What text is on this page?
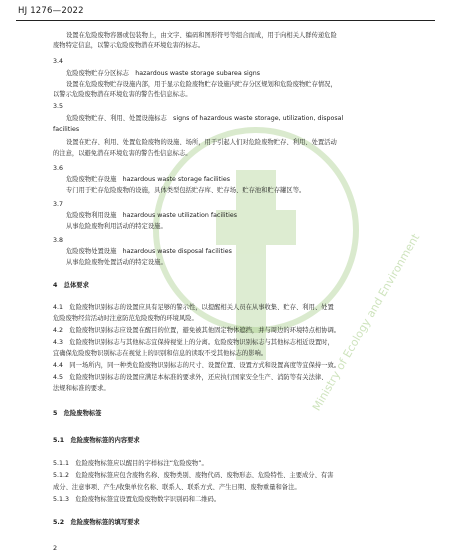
HJ 1276—2022
Ministry of Ecology and Environment
设置在危险废物容器或包装物上，由文字、编码和图形符号等组合而成，用于向相关人群传递危险
废物特定信息，以警示危险废物潜在环境危害的标志。
3.4
危险废物贮存分区标志　hazardous waste storage subarea signs
设置在危险废物贮存设施内部，用于显示危险废物贮存设施内贮存分区规划和危险废物贮存情况，
以警示危险废物潜在环境危害的警告性信息标志。
3.5
危险废物贮存、利用、处置设施标志　signs of hazardous waste storage, utilization, disposal
facilities
设置在贮存、利用、处置危险废物的设施、场所，用于引起人们对危险废物贮存、利用、处置活动
的注意，以避免潜在环境危害的警告性信息标志。
3.6
危险废物贮存设施　hazardous waste storage facilities
专门用于贮存危险废物的设施，具体类型包括贮存库、贮存场、贮存池和贮存罐区等。
3.7
危险废物利用设施　hazardous waste utilization facilities
从事危险废物利用活动的特定设施。
3.8
危险废物处置设施　hazardous waste disposal facilities
从事危险废物处置活动的特定设施。
4　总体要求
4.1　危险废物识别标志的设置应具有足够的警示性，以提醒相关人员在从事收集、贮存、利用、处置
危险废物经营活动时注意防范危险废物的环境风险。
4.2　危险废物识别标志应设置在醒目的位置，避免被其他固定物体遮挡，并与周边的环境特点相协调。
4.3　危险废物识别标志与其他标志宜保持视觉上的分离。危险废物识别标志与其他标志相近设置时，
宜确保危险废物识别标志在视觉上的识别和信息的读取不受其他标志的影响。
4.4　同一场所内，同一种类危险废物识别标志的尺寸、设置位置、设置方式和设置高度等宜保持一致。
4.5　危险废物识别标志的设置应满足本标准的要求外，还应执行国家安全生产、消防等有关法律、
法规和标准的要求。
5　危险废物标签
5.1　危险废物标签的内容要求
5.1.1　危险废物标签应以醒目的字样标注“危险废物”。
5.1.2　危险废物标签应包含废物名称、废物类别、废物代码、废物形态、危险特性、主要成分、有害
成分、注意事项、产生/收集单位名称、联系人、联系方式、产生日期、废物重量和备注。
5.1.3　危险废物标签宜设置危险废物数字识别码和二维码。
5.2　危险废物标签的填写要求
2
